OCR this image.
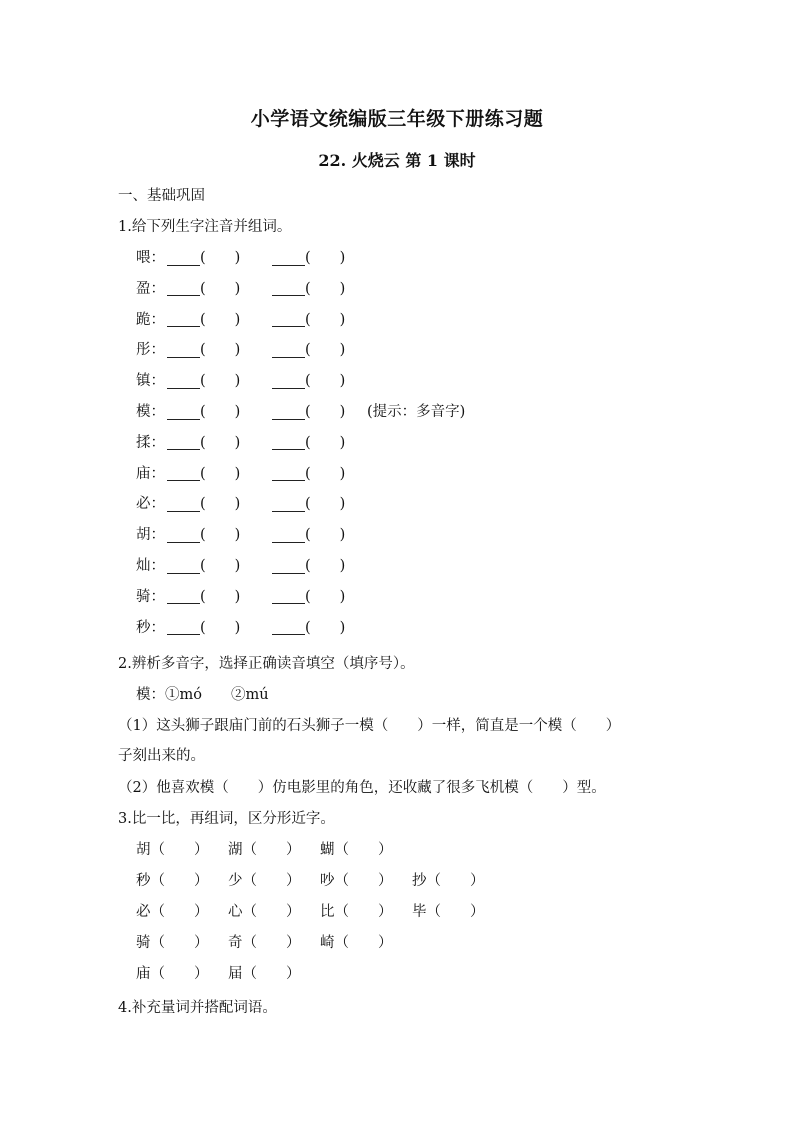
小学语文统编版三年级下册练习题
22. 火烧云 第 1 课时
一、基础巩固
1.给下列生字注音并组词。
喂： (　　)	(　　)
盈： (　　)	(　　)
跪： (　　)	(　　)
彤： (　　)	(　　)
镇： (　　)	(　　)
模： (　　)	(　　)	(提示：多音字)
揉： (　　)	(　　)
庙： (　　)	(　　)
必： (　　)	(　　)
胡： (　　)	(　　)
灿： (　　)	(　　)
骑： (　　)	(　　)
秒： (　　)	(　　)
2.辨析多音字，选择正确读音填空（填序号）。
模：①mó　　②mú
（1）这头狮子跟庙门前的石头狮子一模（　　）一样，简直是一个模（　　）
子刻出来的。
（2）他喜欢模（　　）仿电影里的角色，还收藏了很多飞机模（　　）型。
3.比一比，再组词，区分形近字。
胡（　　）	湖（　　）	蝴（　　）
秒（　　）	少（　　）	吵（　　）	抄（　　）
必（　　）	心（　　）	比（　　）	毕（　　）
骑（　　）	奇（　　）	崎（　　）
庙（　　）	届（　　）
4.补充量词并搭配词语。
